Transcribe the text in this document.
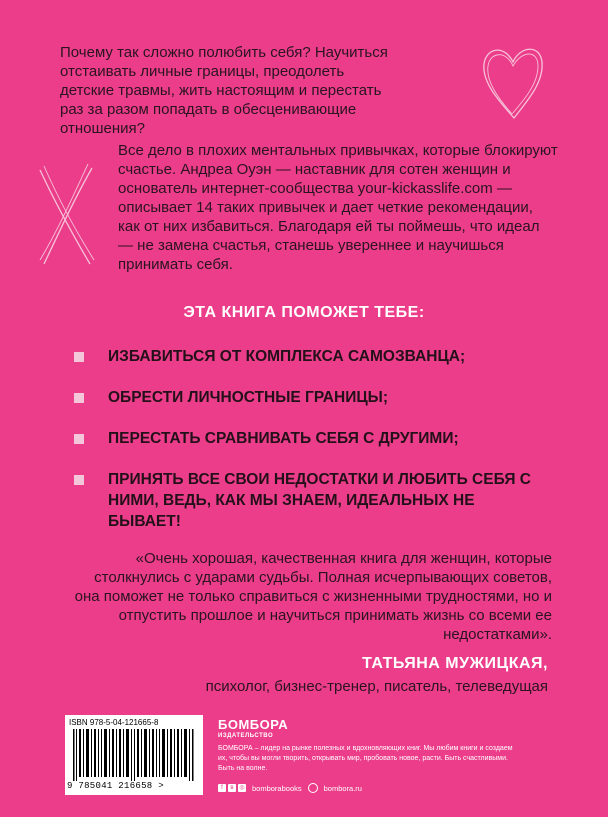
Почему так сложно полюбить себя? Научиться отстаивать личные границы, преодолеть детские травмы, жить настоящим и перестать раз за разом попадать в обесценивающие отношения?

Все дело в плохих ментальных привычках, которые блокируют счастье. Андреа Оуэн — наставник для сотен женщин и основатель интернет-сообщества your-kickasslife.com — описывает 14 таких привычек и дает четкие рекомендации, как от них избавиться. Благодаря ей ты поймешь, что идеал — не замена счастья, станешь увереннее и научишься принимать себя.

ЭТА КНИГА ПОМОЖЕТ ТЕБЕ:
ИЗБАВИТЬСЯ ОТ КОМПЛЕКСА САМОЗВАНЦА;
ОБРЕСТИ ЛИЧНОСТНЫЕ ГРАНИЦЫ;
ПЕРЕСТАТЬ СРАВНИВАТЬ СЕБЯ С ДРУГИМИ;
ПРИНЯТЬ ВСЕ СВОИ НЕДОСТАТКИ И ЛЮБИТЬ СЕБЯ С НИМИ, ВЕДЬ, КАК МЫ ЗНАЕМ, ИДЕАЛЬНЫХ НЕ БЫВАЕТ!

«Очень хорошая, качественная книга для женщин, которые столкнулись с ударами судьбы. Полная исчерпывающих советов, она поможет не только справиться с жизненными трудностями, но и отпустить прошлое и научиться принимать жизнь со всеми ее недостатками».

ТАТЬЯНА МУЖИЦКАЯ,
психолог, бизнес-тренер, писатель, телеведущая
ISBN 978-5-04-121665-8
9 785041 216658 >
БОМБОРА
ИЗДАТЕЛЬСТВО

БОМБОРА – лидер на рынке полезных и вдохновляющих книг. Мы любим книги и создаем их, чтобы вы могли творить, открывать мир, пробовать новое, расти. Быть счастливыми. Быть на волне.

f	в ◎ bomborabooks	bombora.ru
